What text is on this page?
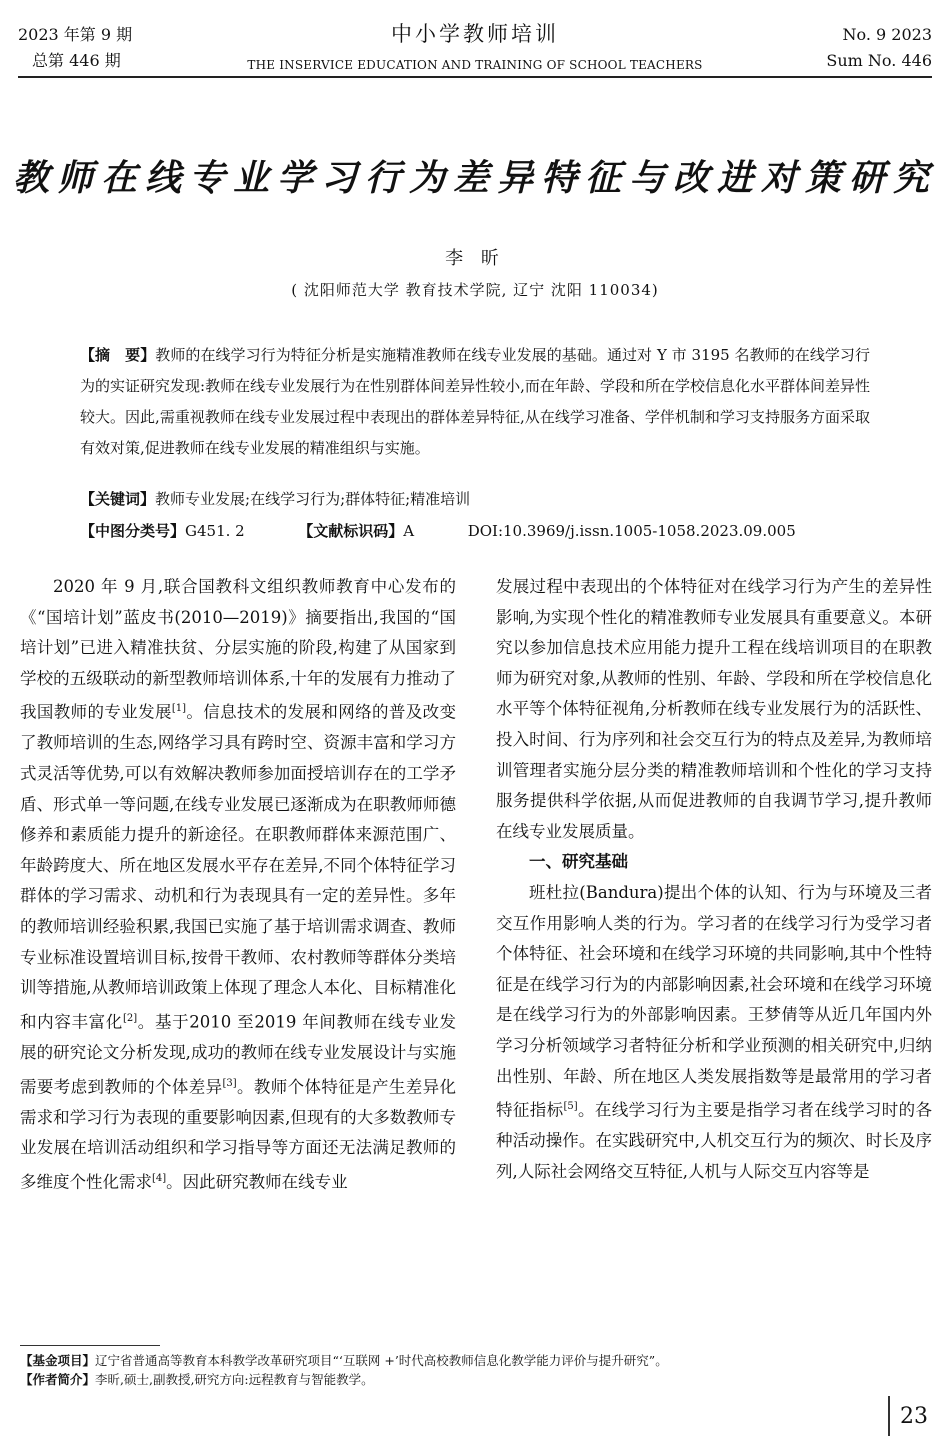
2023 年第 9 期
总第 446 期
中小学教师培训
THE INSERVICE EDUCATION AND TRAINING OF SCHOOL TEACHERS
No. 9 2023
Sum No. 446
教师在线专业学习行为差异特征与改进对策研究
李 昕
( 沈阳师范大学 教育技术学院, 辽宁 沈阳 110034)
【摘　要】教师的在线学习行为特征分析是实施精准教师在线专业发展的基础。通过对 Y 市 3195 名教师的在线学习行为的实证研究发现:教师在线专业发展行为在性别群体间差异性较小,而在年龄、学段和所在学校信息化水平群体间差异性较大。因此,需重视教师在线专业发展过程中表现出的群体差异特征,从在线学习准备、学伴机制和学习支持服务方面采取有效对策,促进教师在线专业发展的精准组织与实施。
【关键词】教师专业发展;在线学习行为;群体特征;精准培训
【中图分类号】G451. 2	【文献标识码】A	DOI:10.3969/j.issn.1005-1058.2023.09.005

2020 年 9 月,联合国教科文组织教师教育中心发布的《“国培计划”蓝皮书(2010—2019)》摘要指出,我国的“国培计划”已进入精准扶贫、分层实施的阶段,构建了从国家到学校的五级联动的新型教师培训体系,十年的发展有力推动了我国教师的专业发展[1]。信息技术的发展和网络的普及改变了教师培训的生态,网络学习具有跨时空、资源丰富和学习方式灵活等优势,可以有效解决教师参加面授培训存在的工学矛盾、形式单一等问题,在线专业发展已逐渐成为在职教师师德修养和素质能力提升的新途径。在职教师群体来源范围广、年龄跨度大、所在地区发展水平存在差异,不同个体特征学习群体的学习需求、动机和行为表现具有一定的差异性。多年的教师培训经验积累,我国已实施了基于培训需求调查、教师专业标准设置培训目标,按骨干教师、农村教师等群体分类培训等措施,从教师培训政策上体现了理念人本化、目标精准化和内容丰富化[2]。基于2010 至2019 年间教师在线专业发展的研究论文分析发现,成功的教师在线专业发展设计与实施需要考虑到教师的个体差异[3]。教师个体特征是产生差异化需求和学习行为表现的重要影响因素,但现有的大多数教师专业发展在培训活动组织和学习指导等方面还无法满足教师的多维度个性化需求[4]。因此研究教师在线专业

发展过程中表现出的个体特征对在线学习行为产生的差异性影响,为实现个性化的精准教师专业发展具有重要意义。本研究以参加信息技术应用能力提升工程在线培训项目的在职教师为研究对象,从教师的性别、年龄、学段和所在学校信息化水平等个体特征视角,分析教师在线专业发展行为的活跃性、投入时间、行为序列和社会交互行为的特点及差异,为教师培训管理者实施分层分类的精准教师培训和个性化的学习支持服务提供科学依据,从而促进教师的自我调节学习,提升教师在线专业发展质量。

一、研究基础

班杜拉(Bandura)提出个体的认知、行为与环境及三者交互作用影响人类的行为。学习者的在线学习行为受学习者个体特征、社会环境和在线学习环境的共同影响,其中个性特征是在线学习行为的内部影响因素,社会环境和在线学习环境是在线学习行为的外部影响因素。王梦倩等从近几年国内外学习分析领域学习者特征分析和学业预测的相关研究中,归纳出性别、年龄、所在地区人类发展指数等是最常用的学习者特征指标[5]。在线学习行为主要是指学习者在线学习时的各种活动操作。在实践研究中,人机交互行为的频次、时长及序列,人际社会网络交互特征,人机与人际交互内容等是

【基金项目】辽宁省普通高等教育本科教学改革研究项目“‘互联网 +’时代高校教师信息化教学能力评价与提升研究”。
【作者简介】李昕,硕士,副教授,研究方向:远程教育与智能教学。
23
